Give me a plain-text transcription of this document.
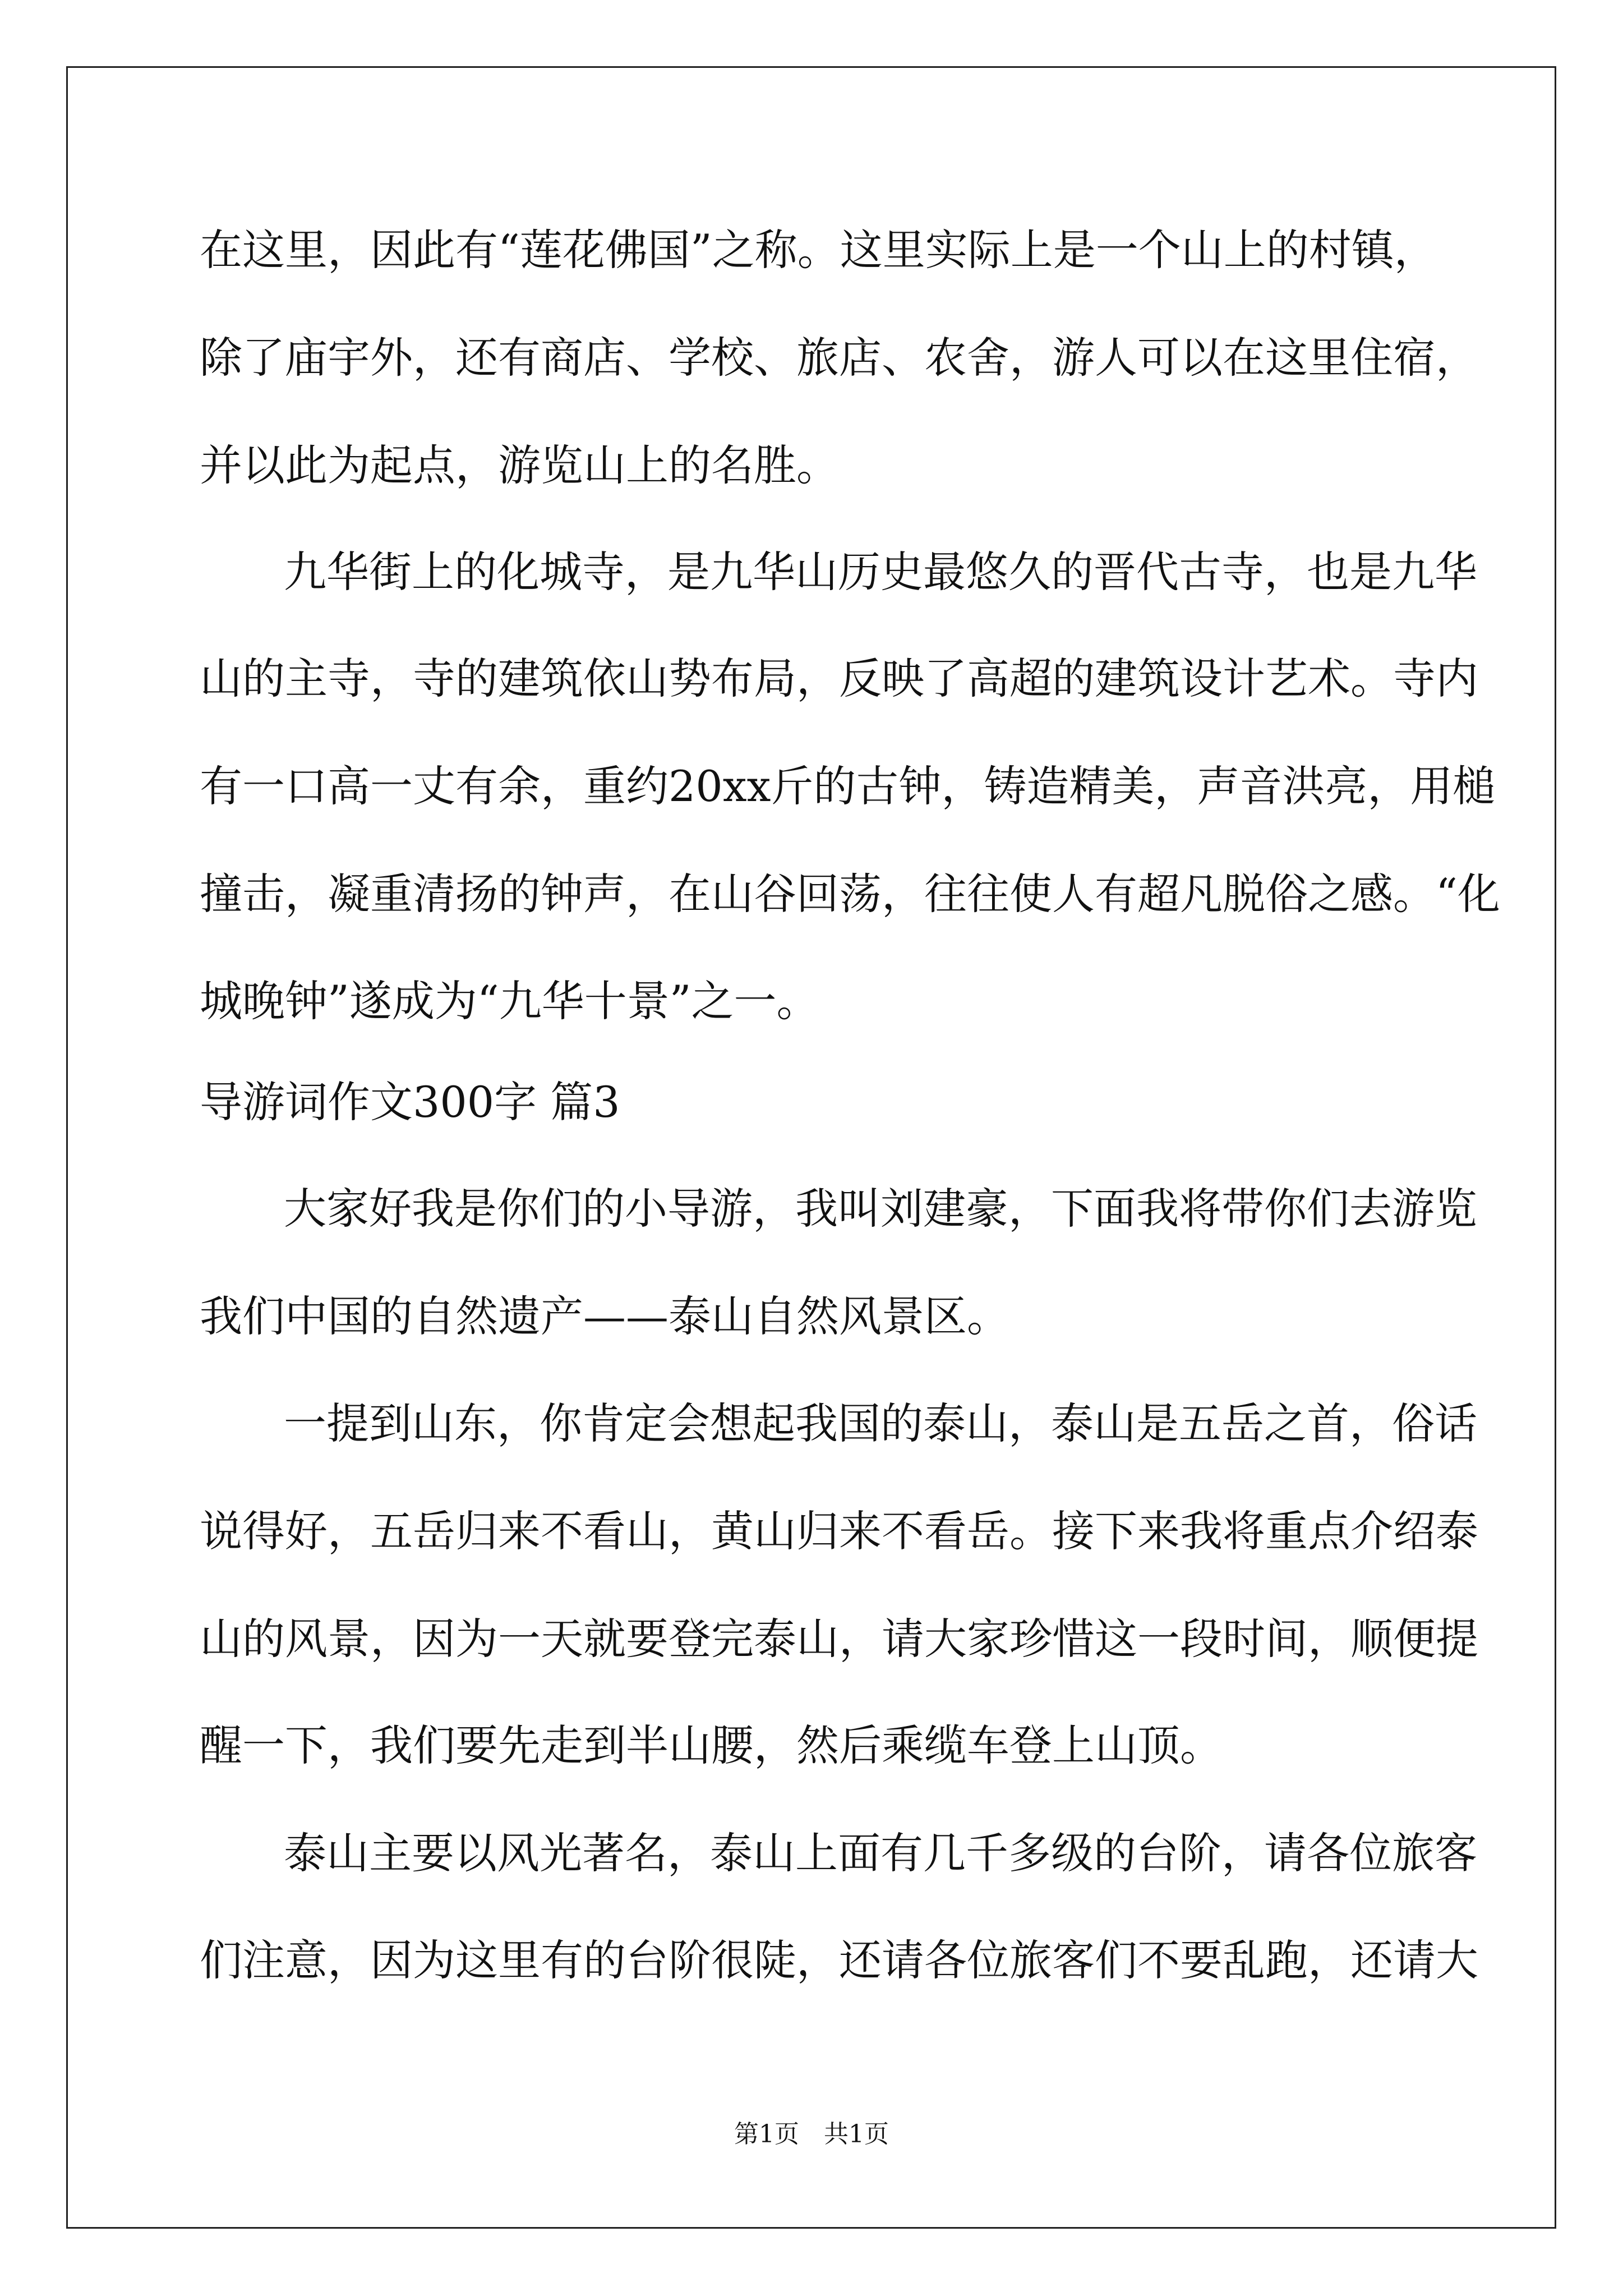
在这里，因此有“莲花佛国”之称。这里实际上是一个山上的村镇，
除了庙宇外，还有商店、学校、旅店、农舍，游人可以在这里住宿，
并以此为起点，游览山上的名胜。
九华街上的化城寺，是九华山历史最悠久的晋代古寺，也是九华
山的主寺，寺的建筑依山势布局，反映了高超的建筑设计艺术。寺内
有一口高一丈有余，重约20xx斤的古钟，铸造精美，声音洪亮，用槌
撞击，凝重清扬的钟声，在山谷回荡，往往使人有超凡脱俗之感。“化
城晚钟”遂成为“九华十景”之一。
导游词作文300字 篇3
大家好我是你们的小导游，我叫刘建豪，下面我将带你们去游览
我们中国的自然遗产——泰山自然风景区。
一提到山东，你肯定会想起我国的泰山，泰山是五岳之首，俗话
说得好，五岳归来不看山，黄山归来不看岳。接下来我将重点介绍泰
山的风景，因为一天就要登完泰山，请大家珍惜这一段时间，顺便提
醒一下，我们要先走到半山腰，然后乘缆车登上山顶。
泰山主要以风光著名，泰山上面有几千多级的台阶，请各位旅客
们注意，因为这里有的台阶很陡，还请各位旅客们不要乱跑，还请大
第1页　共1页
